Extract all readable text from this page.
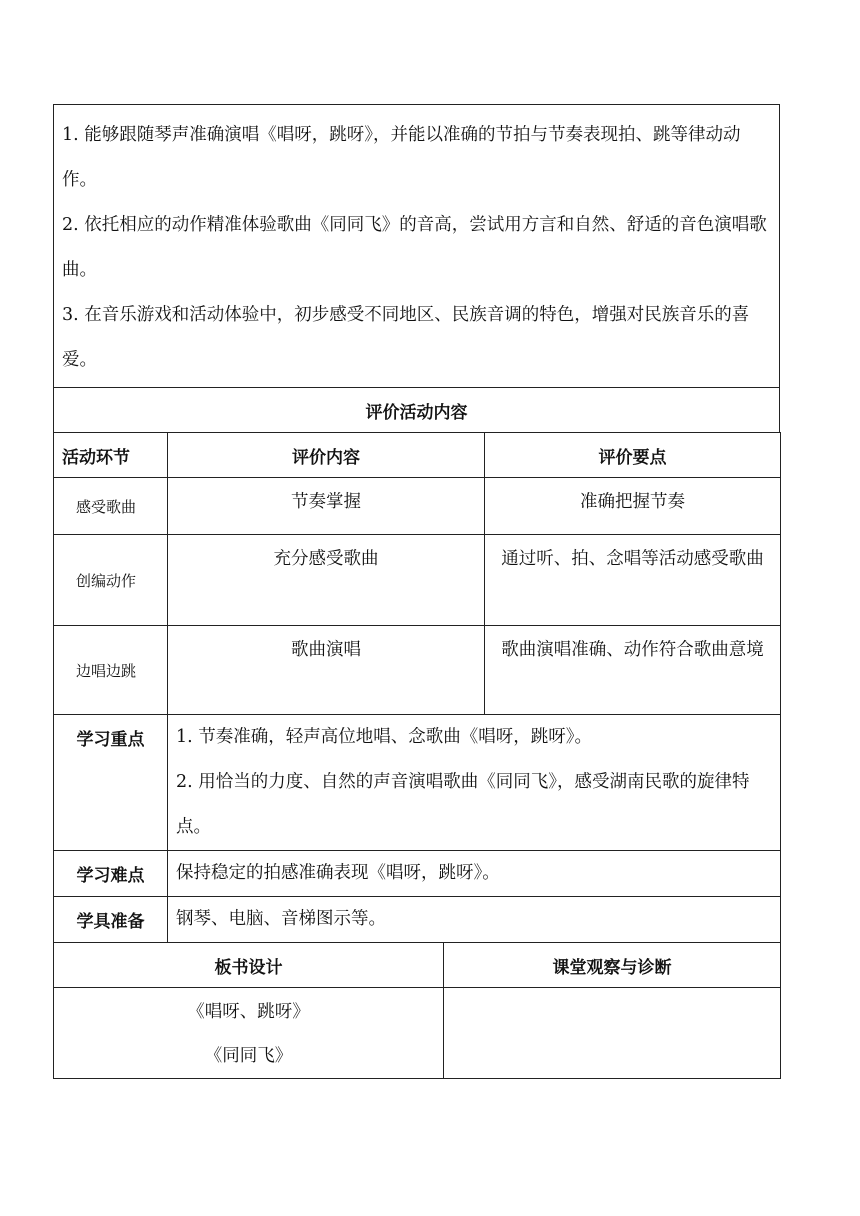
1. 能够跟随琴声准确演唱《唱呀，跳呀》，并能以准确的节拍与节奏表现拍、跳等律动动作。

2. 依托相应的动作精准体验歌曲《同同飞》的音高，尝试用方言和自然、舒适的音色演唱歌曲。

3. 在音乐游戏和活动体验中，初步感受不同地区、民族音调的特色，增强对民族音乐的喜爱。

评价活动内容
活动环节	评价内容	评价要点
感受歌曲	节奏掌握	准确把握节奏
创编动作	充分感受歌曲	通过听、拍、念唱等活动感受歌曲
边唱边跳	歌曲演唱	歌曲演唱准确、动作符合歌曲意境
学习重点	1. 节奏准确，轻声高位地唱、念歌曲《唱呀，跳呀》。

2. 用恰当的力度、自然的声音演唱歌曲《同同飞》，感受湖南民歌的旋律特点。

学习难点	保持稳定的拍感准确表现《唱呀，跳呀》。
学具准备	钢琴、电脑、音梯图示等。
板书设计	课堂观察与诊断

《唱呀、跳呀》
《同同飞》	
